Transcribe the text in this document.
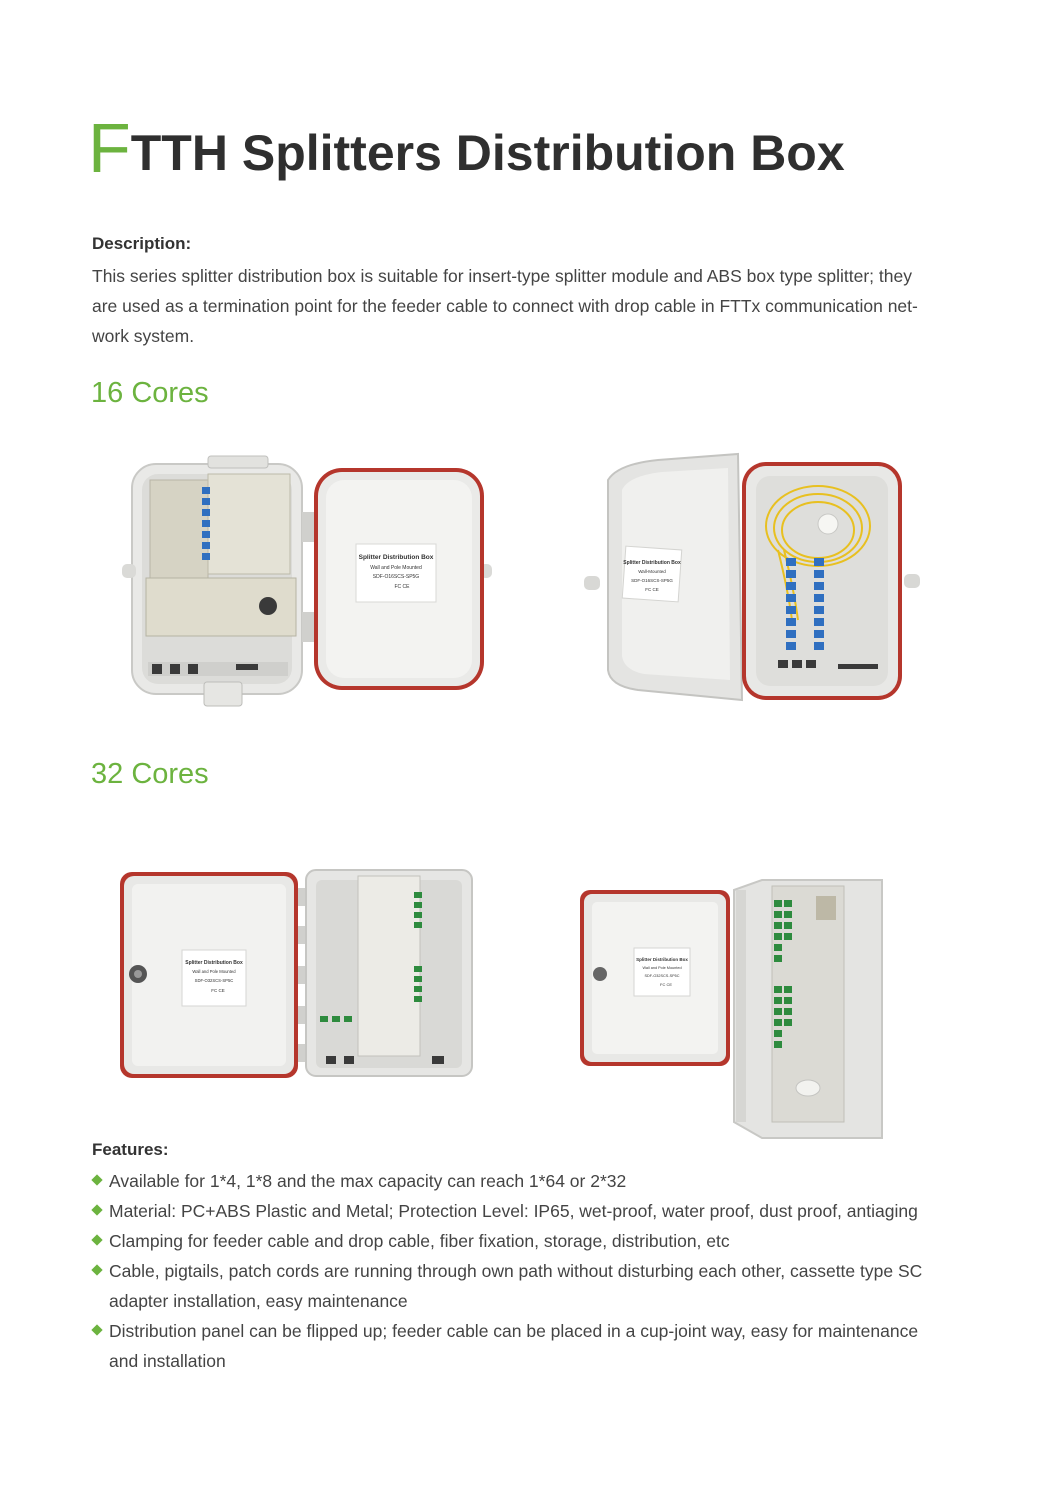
FTTH Splitters Distribution Box
Description:
This series splitter distribution box is suitable for insert-type splitter module and ABS box type splitter; they
are used as a termination point for the feeder cable to connect with drop cable in FTTx communication net-
work system.
16 Cores
Splitter Distribution Box
Wall and Pole Mounted
SDF-O16SCS-SP5G
FC CE
Splitter Distribution Box
Wall-Mounted
SDF-O16SCS-SP5G
FC CE
32 Cores
Splitter Distribution Box
Wall and Pole Mounted
SDF-O32SCS-SP5C
FC CE
Splitter Distribution Box
Wall and Pole Mounted
SDF-O32SCS-SP5C
FC CE
Features:
Available for 1*4, 1*8 and the max capacity can reach 1*64 or 2*32
Material: PC+ABS Plastic and Metal; Protection Level: IP65, wet-proof, water proof, dust proof, antiaging
Clamping for feeder cable and drop cable, fiber fixation, storage, distribution, etc
Cable, pigtails, patch cords are running through own path without disturbing each other, cassette type SC
adapter installation, easy maintenance
Distribution panel can be flipped up; feeder cable can be placed in a cup-joint way, easy for maintenance
and installation
